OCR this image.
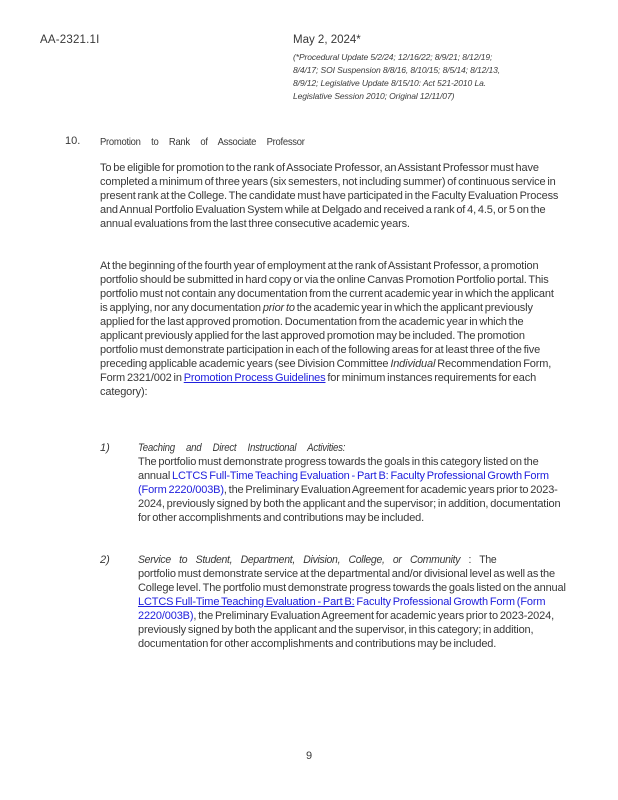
AA-2321.1I	May 2, 2024*
(*Procedural Update 5/2/24; 12/16/22; 8/9/21; 8/12/19;
8/4/17; SOI Suspension 8/8/16, 8/10/15; 8/5/14; 8/12/13,
8/9/12; Legislative Update 8/15/10: Act 521-2010 La.
Legislative Session 2010; Original 12/11/07)
10. Promotion to Rank of Associate Professor
To be eligible for promotion to the rank of Associate Professor, an Assistant Professor must have completed a minimum of three years (six semesters, not including summer) of continuous service in present rank at the College. The candidate must have participated in the Faculty Evaluation Process and Annual Portfolio Evaluation System while at Delgado and received a rank of 4, 4.5, or 5 on the annual evaluations from the last three consecutive academic years.
At the beginning of the fourth year of employment at the rank of Assistant Professor, a promotion portfolio should be submitted in hard copy or via the online Canvas Promotion Portfolio portal. This portfolio must not contain any documentation from the current academic year in which the applicant is applying, nor any documentation prior to the academic year in which the applicant previously applied for the last approved promotion. Documentation from the academic year in which the applicant previously applied for the last approved promotion may be included. The promotion portfolio must demonstrate participation in each of the following areas for at least three of the five preceding applicable academic years (see Division Committee Individual Recommendation Form, Form 2321/002 in Promotion Process Guidelines for minimum instances requirements for each category):
1)	Teaching and Direct Instructional Activities:
The portfolio must demonstrate progress towards the goals in this category listed on the annual LCTCS Full-Time Teaching Evaluation - Part B: Faculty Professional Growth Form (Form 2220/003B), the Preliminary Evaluation Agreement for academic years prior to 2023-2024, previously signed by both the applicant and the supervisor; in addition, documentation for other accomplishments and contributions may be included.
2)	Service to Student, Department, Division, College, or Community : The
portfolio must demonstrate service at the departmental and/or divisional level as well as the College level. The portfolio must demonstrate progress towards the goals listed on the annual LCTCS Full-Time Teaching Evaluation - Part B: Faculty Professional Growth Form (Form 2220/003B), the Preliminary Evaluation Agreement for academic years prior to 2023-2024, previously signed by both the applicant and the supervisor, in this category; in addition, documentation for other accomplishments and contributions may be included.
9
